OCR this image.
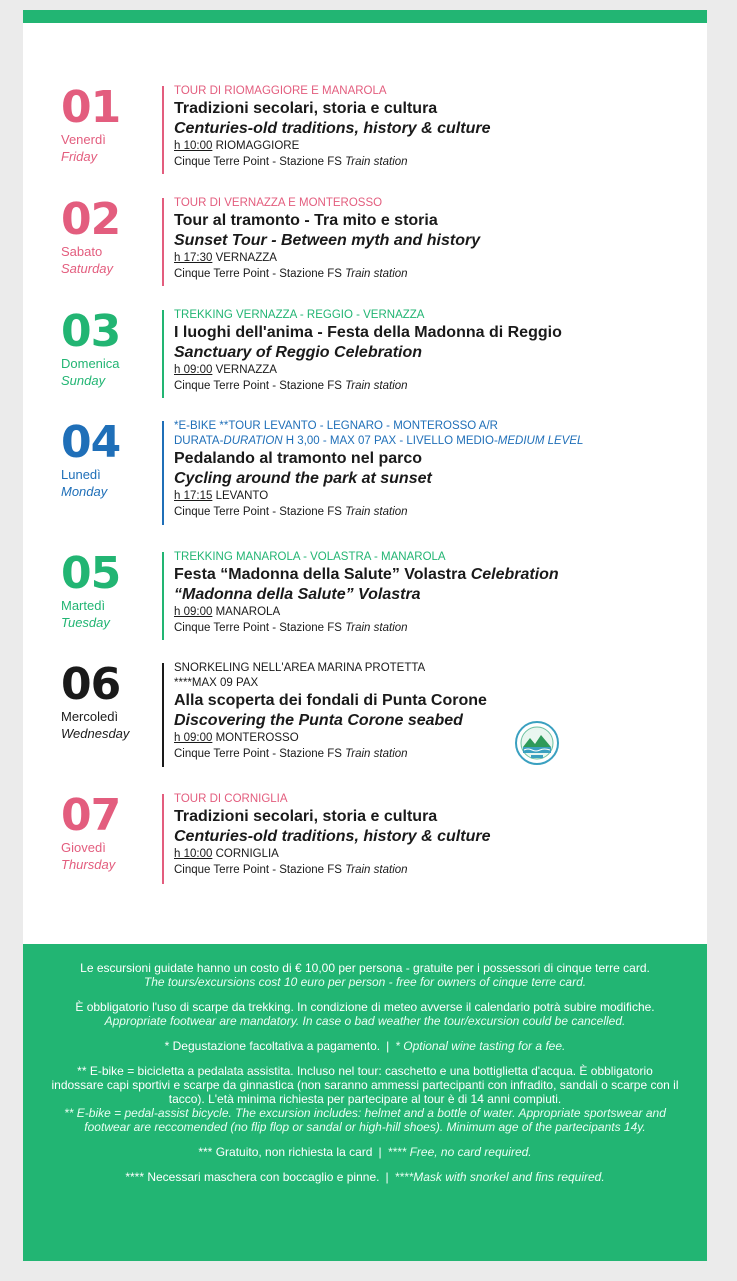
01
Venerdì
Friday
TOUR DI RIOMAGGIORE E MANAROLA
Tradizioni secolari, storia e cultura
Centuries-old traditions, history & culture
h 10:00 RIOMAGGIORE
Cinque Terre Point - Stazione FS Train station
02
Sabato
Saturday
TOUR DI VERNAZZA E MONTEROSSO
Tour al tramonto - Tra mito e storia
Sunset Tour - Between myth and history
h 17:30 VERNAZZA
Cinque Terre Point - Stazione FS Train station
03
Domenica
Sunday
TREKKING VERNAZZA - REGGIO - VERNAZZA
I luoghi dell'anima - Festa della Madonna di Reggio
Sanctuary of Reggio Celebration
h 09:00 VERNAZZA
Cinque Terre Point - Stazione FS Train station
04
Lunedì
Monday
*E-BIKE **TOUR LEVANTO - LEGNARO - MONTEROSSO A/R
DURATA-DURATION H 3,00 - MAX 07 PAX - LIVELLO MEDIO-MEDIUM LEVEL
Pedalando al tramonto nel parco
Cycling around the park at sunset
h 17:15 LEVANTO
Cinque Terre Point - Stazione FS Train station
05
Martedì
Tuesday
TREKKING MANAROLA - VOLASTRA - MANAROLA
Festa “Madonna della Salute” Volastra Celebration
“Madonna della Salute” Volastra
h 09:00 MANAROLA
Cinque Terre Point - Stazione FS Train station
06
Mercoledì
Wednesday
SNORKELING NELL'AREA MARINA PROTETTA
****MAX 09 PAX
Alla scoperta dei fondali di Punta Corone
Discovering the Punta Corone seabed
h 09:00 MONTEROSSO
Cinque Terre Point - Stazione FS Train station
07
Giovedì
Thursday
TOUR DI CORNIGLIA
Tradizioni secolari, storia e cultura
Centuries-old traditions, history & culture
h 10:00 CORNIGLIA
Cinque Terre Point - Stazione FS Train station

Le escursioni guidate hanno un costo di € 10,00 per persona - gratuite per i possessori di cinque terre card.

The tours/excursions cost 10 euro per person - free for owners of cinque terre card.

È obbligatorio l'uso di scarpe da trekking. In condizione di meteo avverse il calendario potrà subire modifiche.

Appropriate footwear are mandatory. In case o bad weather the tour/excursion could be cancelled.

* Degustazione facoltativa a pagamento. | * Optional wine tasting for a fee.

** E-bike = bicicletta a pedalata assistita. Incluso nel tour: caschetto e una bottiglietta d'acqua. È obbligatorio indossare capi sportivi e scarpe da ginnastica (non saranno ammessi partecipanti con infradito, sandali o scarpe con il tacco). L'età minima richiesta per partecipare al tour è di 14 anni compiuti.

** E-bike = pedal-assist bicycle. The excursion includes: helmet and a bottle of water. Appropriate sportswear and footwear are reccomended (no flip flop or sandal or high-hill shoes). Minimum age of the partecipants 14y.

*** Gratuito, non richiesta la card | **** Free, no card required.

**** Necessari maschera con boccaglio e pinne. | ****Mask with snorkel and fins required.
